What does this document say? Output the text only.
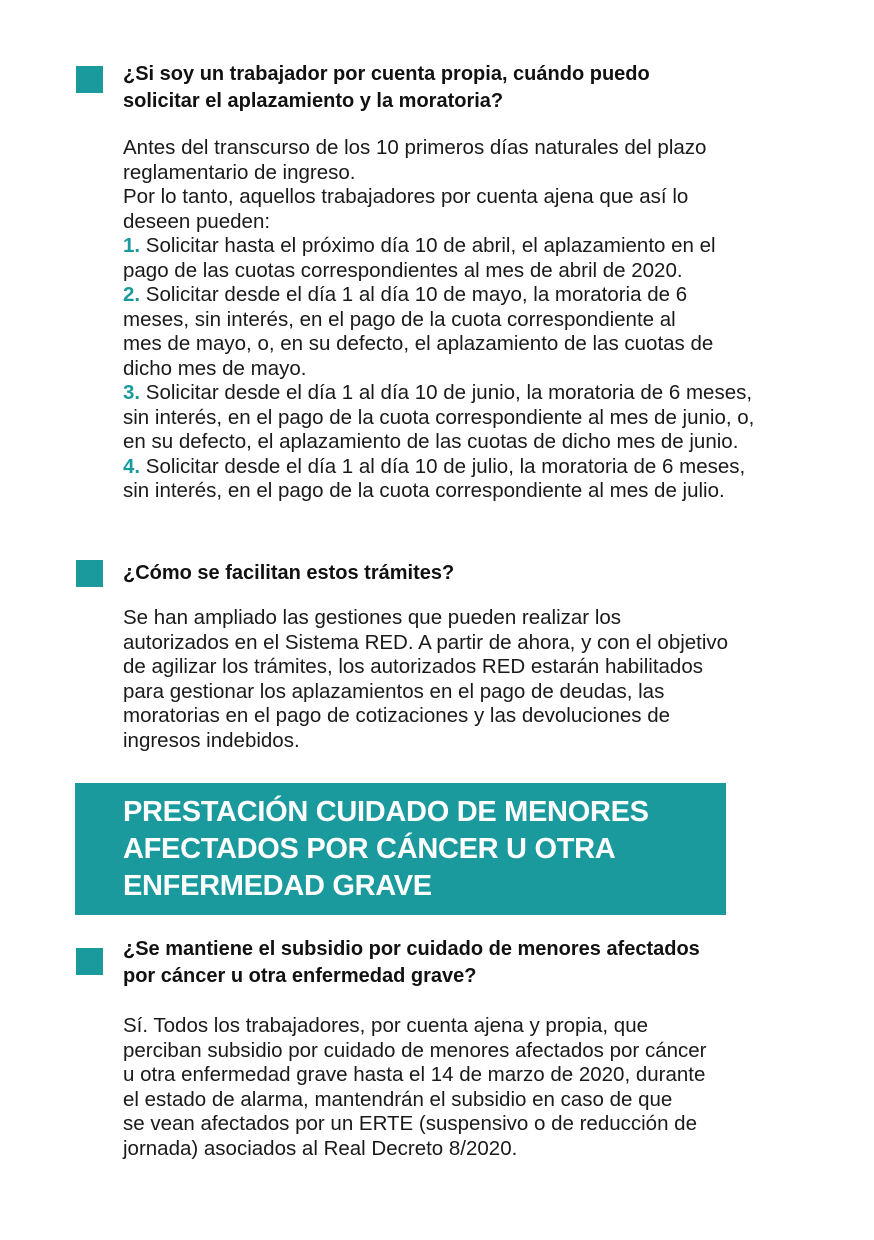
¿Si soy un trabajador por cuenta propia, cuándo puedo
solicitar el aplazamiento y la moratoria?
Antes del transcurso de los 10 primeros días naturales del plazo
reglamentario de ingreso.
Por lo tanto, aquellos trabajadores por cuenta ajena que así lo
deseen pueden:
1. Solicitar hasta el próximo día 10 de abril, el aplazamiento en el
pago de las cuotas correspondientes al mes de abril de 2020.
2. Solicitar desde el día 1 al día 10 de mayo, la moratoria de 6
meses, sin interés, en el pago de la cuota correspondiente al
mes de mayo, o, en su defecto, el aplazamiento de las cuotas de
dicho mes de mayo.
3. Solicitar desde el día 1 al día 10 de junio, la moratoria de 6 meses,
sin interés, en el pago de la cuota correspondiente al mes de junio, o,
en su defecto, el aplazamiento de las cuotas de dicho mes de junio.
4. Solicitar desde el día 1 al día 10 de julio, la moratoria de 6 meses,
sin interés, en el pago de la cuota correspondiente al mes de julio.
¿Cómo se facilitan estos trámites?
Se han ampliado las gestiones que pueden realizar los
autorizados en el Sistema RED. A partir de ahora, y con el objetivo
de agilizar los trámites, los autorizados RED estarán habilitados
para gestionar los aplazamientos en el pago de deudas, las
moratorias en el pago de cotizaciones y las devoluciones de
ingresos indebidos.

PRESTACIÓN CUIDADO DE MENORES

AFECTADOS POR CÁNCER U OTRA

ENFERMEDAD GRAVE

¿Se mantiene el subsidio por cuidado de menores afectados
por cáncer u otra enfermedad grave?
Sí. Todos los trabajadores, por cuenta ajena y propia, que
perciban subsidio por cuidado de menores afectados por cáncer
u otra enfermedad grave hasta el 14 de marzo de 2020, durante
el estado de alarma, mantendrán el subsidio en caso de que
se vean afectados por un ERTE (suspensivo o de reducción de
jornada) asociados al Real Decreto 8/2020.
